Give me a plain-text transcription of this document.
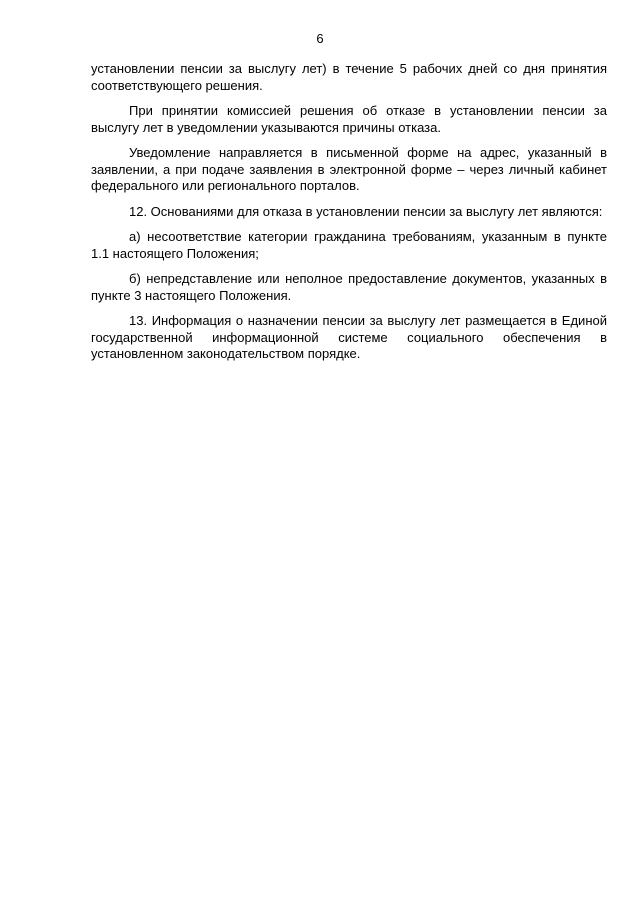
6

установлении пенсии за выслугу лет) в течение 5 рабочих дней со дня принятия соответствующего решения.

При принятии комиссией решения об отказе в установлении пенсии за выслугу лет в уведомлении указываются причины отказа.

Уведомление направляется в письменной форме на адрес, указанный в заявлении, а при подаче заявления в электронной форме – через личный кабинет федерального или регионального порталов.

12. Основаниями для отказа в установлении пенсии за выслугу лет являются:

а) несоответствие категории гражданина требованиям, указанным в пункте 1.1 настоящего Положения;

б) непредставление или неполное предоставление документов, указанных в пункте 3 настоящего Положения.

13. Информация о назначении пенсии за выслугу лет размещается в Единой государственной информационной системе социального обеспечения в установленном законодательством порядке.
